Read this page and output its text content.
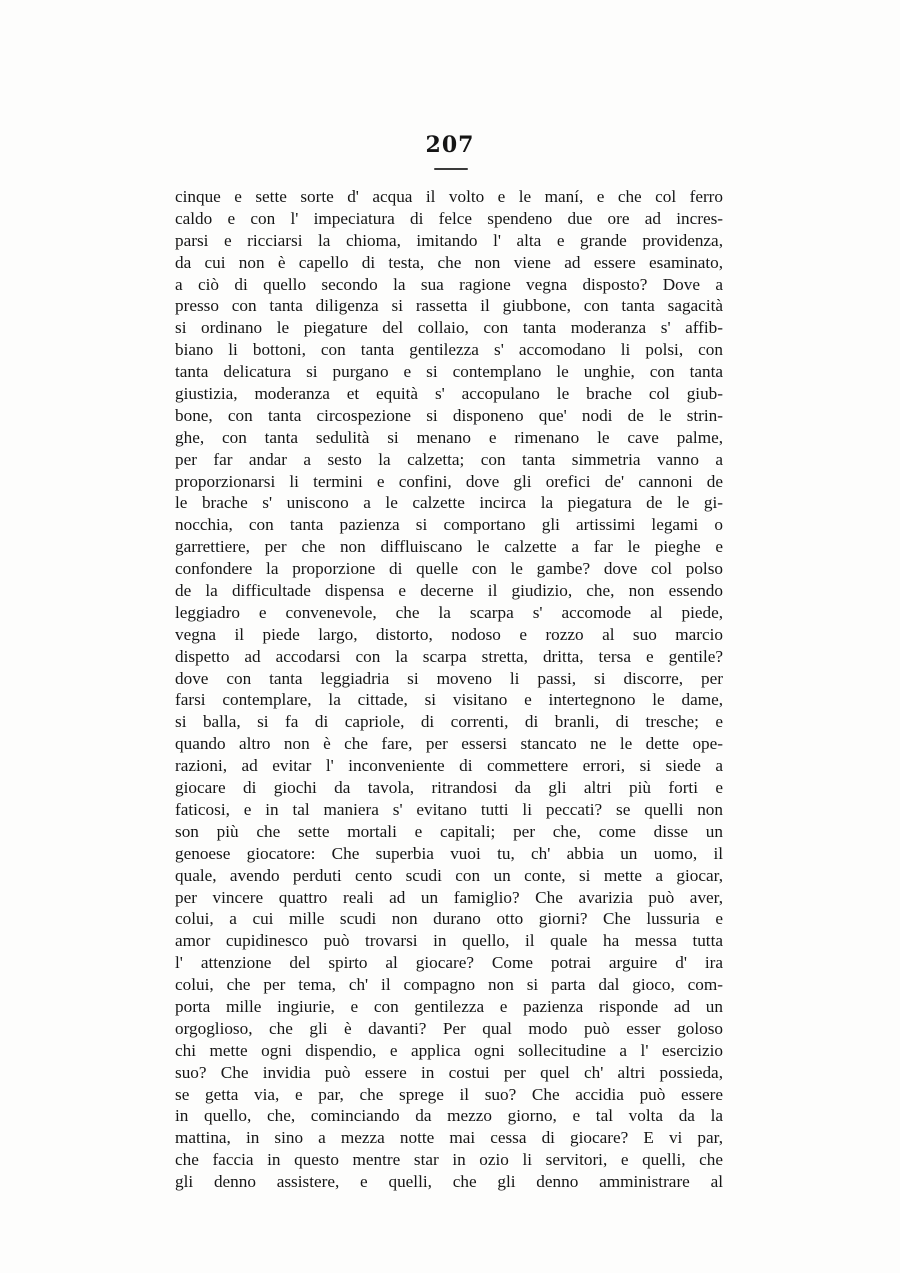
207
cinque e sette sorte d' acqua il volto e le maní, e che col ferro
caldo e con l' impeciatura di felce spendeno due ore ad incres-
parsi e ricciarsi la chioma, imitando l' alta e grande providenza,
da cui non è capello di testa, che non viene ad essere esaminato,
a ciò di quello secondo la sua ragione vegna disposto? Dove a
presso con tanta diligenza si rassetta il giubbone, con tanta sagacità
si ordinano le piegature del collaio, con tanta moderanza s' affib-
biano li bottoni, con tanta gentilezza s' accomodano li polsi, con
tanta delicatura si purgano e si contemplano le unghie, con tanta
giustizia, moderanza et equità s' accopulano le brache col giub-
bone, con tanta circospezione si disponeno que' nodi de le strin-
ghe, con tanta sedulità si menano e rimenano le cave palme,
per far andar a sesto la calzetta; con tanta simmetria vanno a
proporzionarsi li termini e confini, dove gli orefici de' cannoni de
le brache s' uniscono a le calzette incirca la piegatura de le gi-
nocchia, con tanta pazienza si comportano gli artissimi legami o
garrettiere, per che non diffluiscano le calzette a far le pieghe e
confondere la proporzione di quelle con le gambe? dove col polso
de la difficultade dispensa e decerne il giudizio, che, non essendo
leggiadro e convenevole, che la scarpa s' accomode al piede,
vegna il piede largo, distorto, nodoso e rozzo al suo marcio
dispetto ad accodarsi con la scarpa stretta, dritta, tersa e gentile?
dove con tanta leggiadria si moveno li passi, si discorre, per
farsi contemplare, la cittade, si visitano e intertegnono le dame,
si balla, si fa di capriole, di correnti, di branli, di tresche; e
quando altro non è che fare, per essersi stancato ne le dette ope-
razioni, ad evitar l' inconveniente di commettere errori, si siede a
giocare di giochi da tavola, ritrandosi da gli altri più forti e
faticosi, e in tal maniera s' evitano tutti li peccati? se quelli non
son più che sette mortali e capitali; per che, come disse un
genoese giocatore: Che superbia vuoi tu, ch' abbia un uomo, il
quale, avendo perduti cento scudi con un conte, si mette a giocar,
per vincere quattro reali ad un famiglio? Che avarizia può aver,
colui, a cui mille scudi non durano otto giorni? Che lussuria e
amor cupidinesco può trovarsi in quello, il quale ha messa tutta
l' attenzione del spirto al giocare? Come potrai arguire d' ira
colui, che per tema, ch' il compagno non si parta dal gioco, com-
porta mille ingiurie, e con gentilezza e pazienza risponde ad un
orgoglioso, che gli è davanti? Per qual modo può esser goloso
chi mette ogni dispendio, e applica ogni sollecitudine a l' esercizio
suo? Che invidia può essere in costui per quel ch' altri possieda,
se getta via, e par, che sprege il suo? Che accidia può essere
in quello, che, cominciando da mezzo giorno, e tal volta da la
mattina, in sino a mezza notte mai cessa di giocare? E vi par,
che faccia in questo mentre star in ozio li servitori, e quelli, che
gli denno assistere, e quelli, che gli denno amministrare al
